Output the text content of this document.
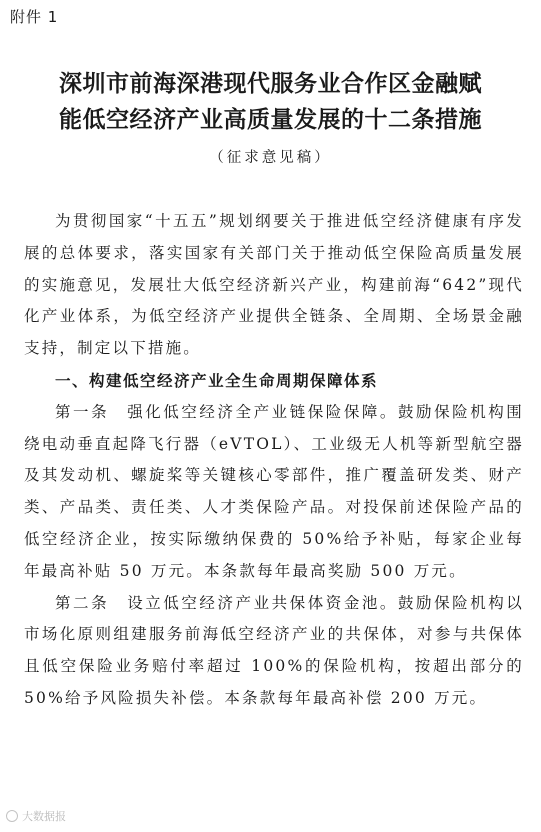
附件 1
深圳市前海深港现代服务业合作区金融赋
能低空经济产业高质量发展的十二条措施
（征求意见稿）

为贯彻国家“十五五”规划纲要关于推进低空经济健康有序发展的总体要求，落实国家有关部门关于推动低空保险高质量发展的实施意见，发展壮大低空经济新兴产业，构建前海“642”现代化产业体系，为低空经济产业提供全链条、全周期、全场景金融支持，制定以下措施。

一、构建低空经济产业全生命周期保障体系

第一条　强化低空经济全产业链保险保障。鼓励保险机构围绕电动垂直起降飞行器（eVTOL）、工业级无人机等新型航空器及其发动机、螺旋桨等关键核心零部件，推广覆盖研发类、财产类、产品类、责任类、人才类保险产品。对投保前述保险产品的低空经济企业，按实际缴纳保费的 50%给予补贴，每家企业每年最高补贴 50 万元。本条款每年最高奖励 500 万元。

第二条　设立低空经济产业共保体资金池。鼓励保险机构以市场化原则组建服务前海低空经济产业的共保体，对参与共保体且低空保险业务赔付率超过 100%的保险机构，按超出部分的 50%给予风险损失补偿。本条款每年最高补偿 200 万元。

大数据报
